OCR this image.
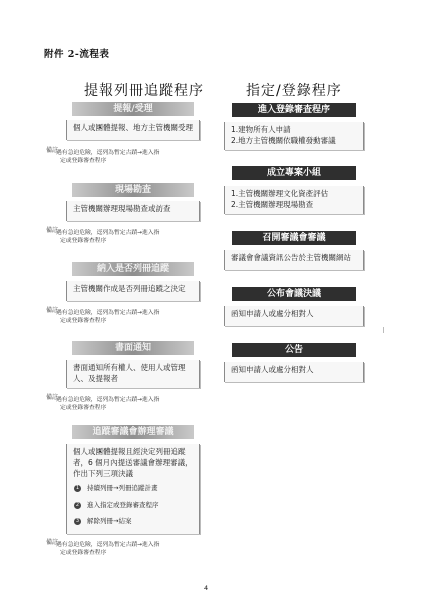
附件 2-流程表
提報列冊追蹤程序	指定/登錄程序
提報/受理
個人或團體提報、地方主管機關受理
備註
遇有急迫危險，逕列為暫定古蹟→進入指
定或登錄審查程序
現場勘查
主管機關辦理現場勘查或訪查
備註
遇有急迫危險，逕列為暫定古蹟→進入指
定或登錄審查程序
納入是否列冊追蹤
主管機關作成是否列冊追蹤之決定
備註
遇有急迫危險，逕列為暫定古蹟→進入指
定或登錄審查程序
書面通知
書面通知所有權人、使用人或管理
人、及提報者
備註
遇有急迫危險，逕列為暫定古蹟→進入指
定或登錄審查程序
追蹤審議會辦理審議
個人或團體提報且經決定列冊追蹤
者，6 個月內提送審議會辦理審議，
作出下列三項決議
1 持續列冊→列冊追蹤計畫
2 進入指定或登錄審查程序
3 解除列冊→結案
備註
遇有急迫危險，逕列為暫定古蹟→進入指
定或登錄審查程序
進入登錄審查程序
1.建物所有人申請
2.地方主管機關依職權發動審議
成立專案小組
1.主管機關辦理文化資產評估
2.主管機關辦理現場勘查
召開審議會審議
審議會會議資訊公告於主管機關網站
公布會議決議
函知申請人或處分相對人
公告
函知申請人或處分相對人
4
